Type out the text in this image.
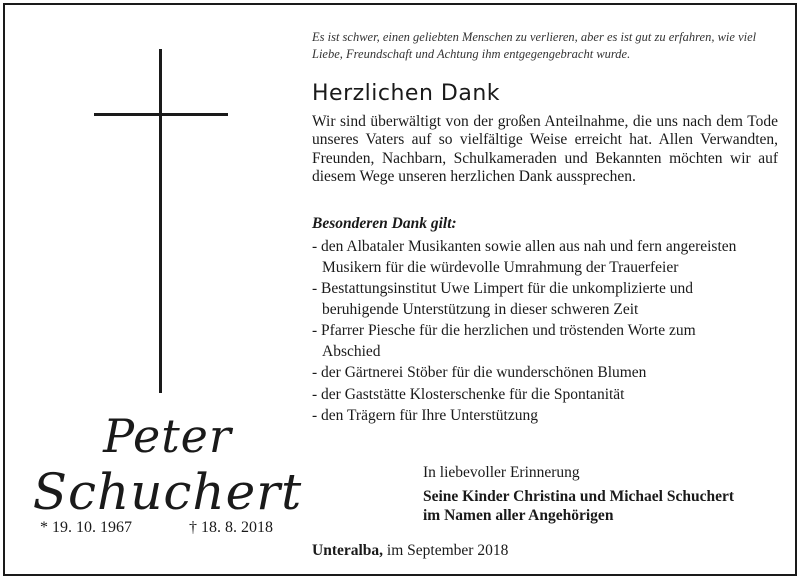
Peter
Schuchert
* 19. 10. 1967	† 18. 8. 2018
Es ist schwer, einen geliebten Menschen zu verlieren, aber es ist gut zu erfahren, wie viel Liebe, Freundschaft und Achtung ihm entgegengebracht wurde.
Herzlichen Dank
Wir sind überwältigt von der großen Anteilnahme, die uns nach dem Tode unseres Vaters auf so vielfältige Weise erreicht hat. Allen Verwandten, Freunden, Nachbarn, Schulkameraden und Bekannten möchten wir auf diesem Wege unseren herzlichen Dank aussprechen.
Besonderen Dank gilt:
- den Albataler Musikanten sowie allen aus nah und fern angereisten Musikern für die würdevolle Umrahmung der Trauerfeier
- Bestattungsinstitut Uwe Limpert für die unkomplizierte und beruhigende Unterstützung in dieser schweren Zeit
- Pfarrer Piesche für die herzlichen und tröstenden Worte zum Abschied
- der Gärtnerei Stöber für die wunderschönen Blumen
- der Gaststätte Klosterschenke für die Spontanität
- den Trägern für Ihre Unterstützung
In liebevoller Erinnerung
Seine Kinder Christina und Michael Schuchert
im Namen aller Angehörigen
Unteralba, im September 2018
